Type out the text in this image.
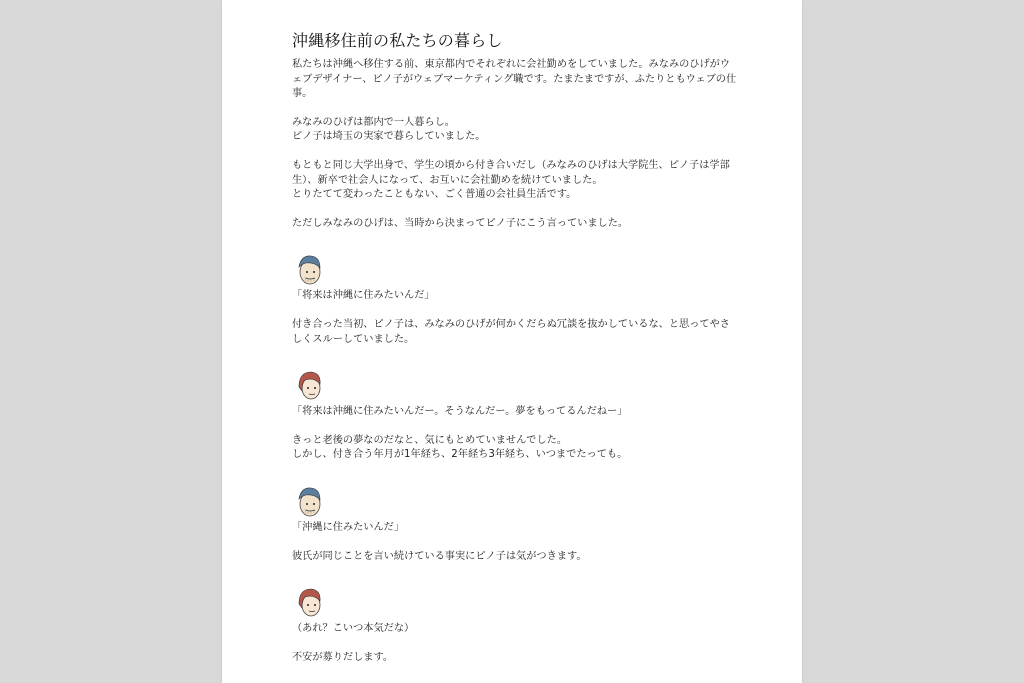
沖縄移住前の私たちの暮らし

私たちは沖縄へ移住する前、東京都内でそれぞれに会社勤めをしていました。みなみのひげがウェブデザイナー、ピノ子がウェブマーケティング職です。たまたまですが、ふたりともウェブの仕事。

みなみのひげは都内で一人暮らし。
ピノ子は埼玉の実家で暮らしていました。

もともと同じ大学出身で、学生の頃から付き合いだし（みなみのひげは大学院生、ピノ子は学部生）、新卒で社会人になって、お互いに会社勤めを続けていました。
とりたてて変わったこともない、ごく普通の会社員生活です。

ただしみなみのひげは、当時から決まってピノ子にこう言っていました。

「将来は沖縄に住みたいんだ」

付き合った当初、ピノ子は、みなみのひげが何かくだらぬ冗談を抜かしているな、と思ってやさしくスルーしていました。

「将来は沖縄に住みたいんだー。そうなんだー。夢をもってるんだねー」

きっと老後の夢なのだなと、気にもとめていませんでした。
しかし、付き合う年月が1年経ち、2年経ち3年経ち、いつまでたっても。

「沖縄に住みたいんだ」

彼氏が同じことを言い続けている事実にピノ子は気がつきます。

（あれ？こいつ本気だな）

不安が募りだします。
